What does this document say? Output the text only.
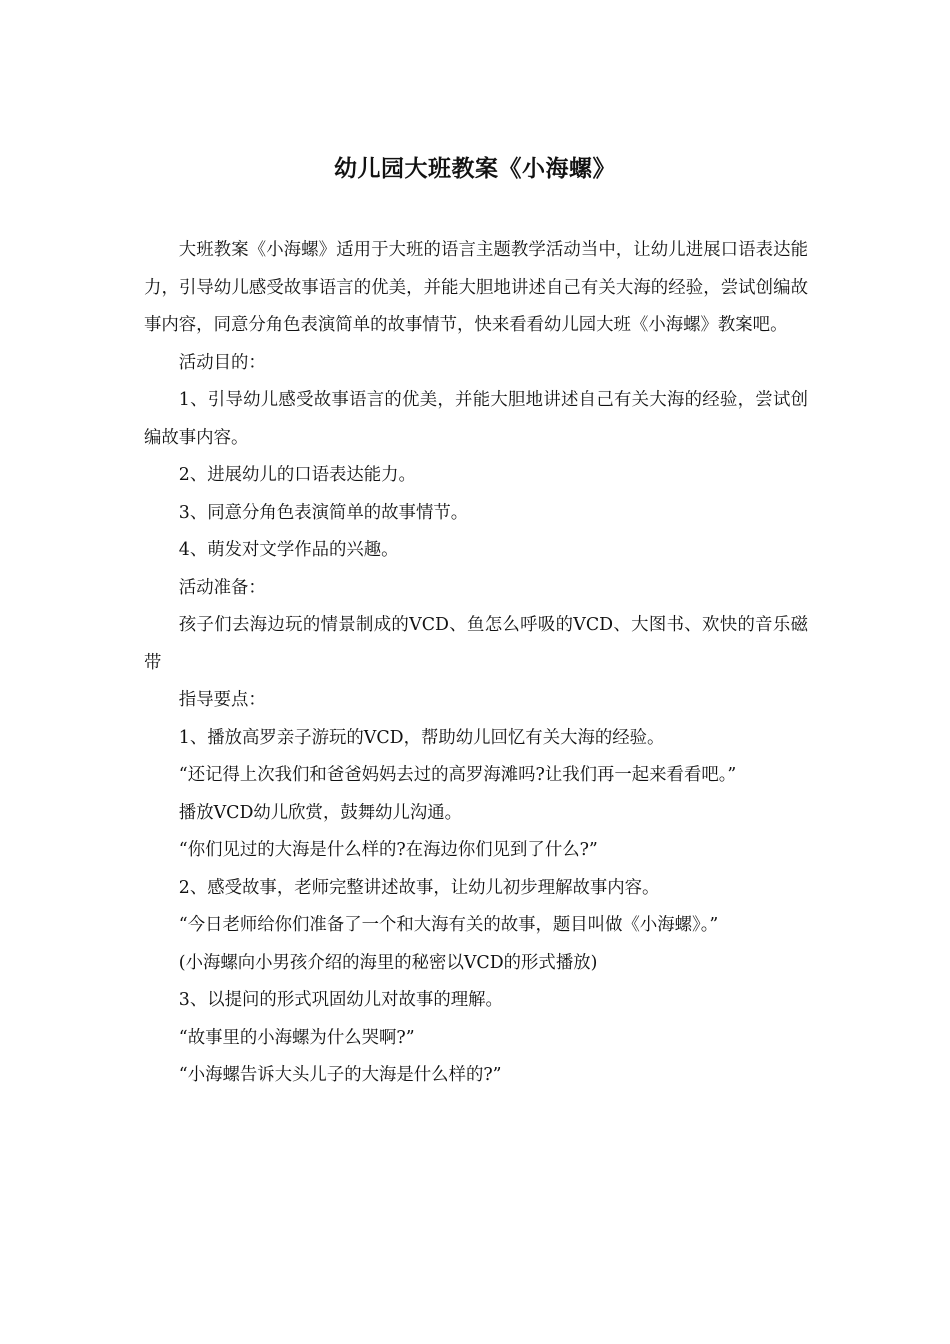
幼儿园大班教案《小海螺》

大班教案《小海螺》适用于大班的语言主题教学活动当中，让幼儿进展口语表达能力，引导幼儿感受故事语言的优美，并能大胆地讲述自己有关大海的经验，尝试创编故事内容，同意分角色表演简单的故事情节，快来看看幼儿园大班《小海螺》教案吧。

活动目的：

1、引导幼儿感受故事语言的优美，并能大胆地讲述自己有关大海的经验，尝试创编故事内容。

2、进展幼儿的口语表达能力。

3、同意分角色表演简单的故事情节。

4、萌发对文学作品的兴趣。

活动准备：

孩子们去海边玩的情景制成的VCD、鱼怎么呼吸的VCD、大图书、欢快的音乐磁带

指导要点：

1、播放高罗亲子游玩的VCD，帮助幼儿回忆有关大海的经验。

“还记得上次我们和爸爸妈妈去过的高罗海滩吗?让我们再一起来看看吧。”

播放VCD幼儿欣赏，鼓舞幼儿沟通。

“你们见过的大海是什么样的?在海边你们见到了什么?”

2、感受故事，老师完整讲述故事，让幼儿初步理解故事内容。

“今日老师给你们准备了一个和大海有关的故事，题目叫做《小海螺》。”

(小海螺向小男孩介绍的海里的秘密以VCD的形式播放)

3、以提问的形式巩固幼儿对故事的理解。

“故事里的小海螺为什么哭啊?”

“小海螺告诉大头儿子的大海是什么样的?”
